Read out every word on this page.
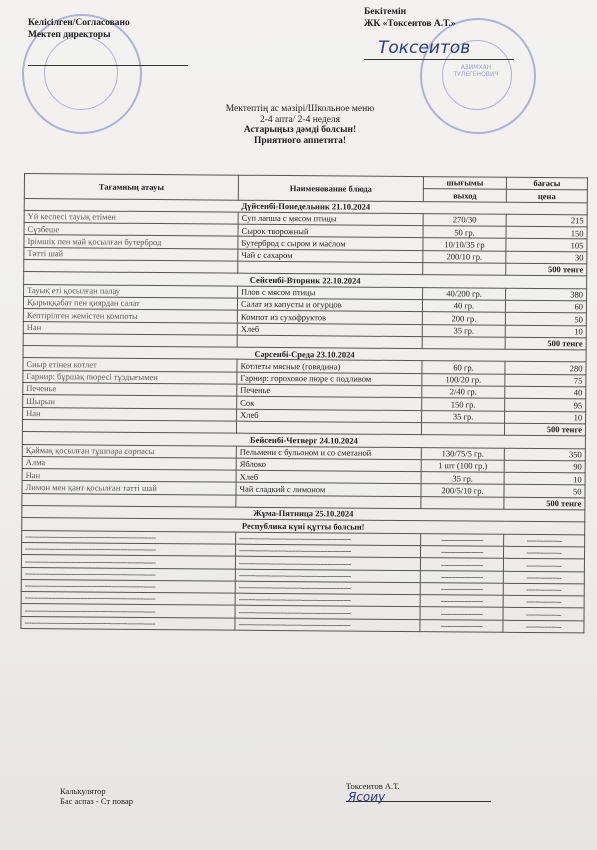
Келісілген/Согласовано
Мектеп директоры
АЗИМХАН ТУЛЕГЕНОВИЧ
Бекітемін
ЖК «Токсеитов А.Т.»
Токсеитов
Мектептің ас мәзірі/Школьное меню
2-4 апта/ 2-4 неделя
Астарыңыз дәмді болсын!
Приятного аппетита!
Тағамның атауы	Наименование блюда	шығымы	бағасы
		выход	цена
Дүйсенбі-Понедельник 21.10.2024			
Үй кеспесі тауық етімен	Суп лапша с мясом птицы	270/30	215
Сүзбеше	Сырок творожный	50 гр.	150
Ірімшік пен май қосылған бутерброд	Бутерброд с сыром и маслом	10/10/35 гр	105
Тәтті шай	Чай с сахаром	200/10 гр.	30
			500 тенге
Сейсенбі-Вторник 22.10.2024			
Тауық еті қосылған палау	Плов с мясом птицы	40/200 гр.	380
Қырыққабат пен қиярдан салат	Салат из капусты и огурцов	40 гр.	60
Кептірілген жемістен компоты	Компот из сухофруктов	200 гр.	50
Нан	Хлеб	35 гр.	10
			500 тенге
Сәрсенбі-Среда 23.10.2024			
Сиыр етінен котлет	Котлеты мясные (говядина)	60 гр.	280
Гарнир: бұршақ пюресі тұздығымен	Гарнир: гороховое пюре с подливом	100/20 гр.	75
Печенье	Печенье	2/40 гр.	40
Шырын	Сок	150 гр.	95
Нан	Хлеб	35 гр.	10
			500 тенге
Бейсенбі-Четверг 24.10.2024			
Қаймақ қосылған тұшпара сорпасы	Пельмени с бульоном и со сметаной	130/75/5 гр.	350
Алма	Яблоко	1 шт (100 гр.)	90
Нан	Хлеб	35 гр.	10
Лимон мен қант қосылған тәтті шай	Чай сладкий с лимоном	200/5/10 гр.	50
			500 тенге
Жұма-Пятница 25.10.2024			
Республика күні құтты болсын!			
--------------------------------------------------------	------------------------------------------------	------------------	---------------
--------------------------------------------------------	------------------------------------------------	------------------	---------------
--------------------------------------------------------	------------------------------------------------	------------------	---------------
--------------------------------------------------------	------------------------------------------------	------------------	---------------
--------------------------------------------------------	------------------------------------------------	------------------	---------------
--------------------------------------------------------	------------------------------------------------	------------------	---------------
--------------------------------------------------------	------------------------------------------------	------------------	---------------
--------------------------------------------------------	------------------------------------------------	------------------	---------------
Калькулятор
Бас аспаз - Ст повар
Токсеитов А.Т.
Ясоиу
